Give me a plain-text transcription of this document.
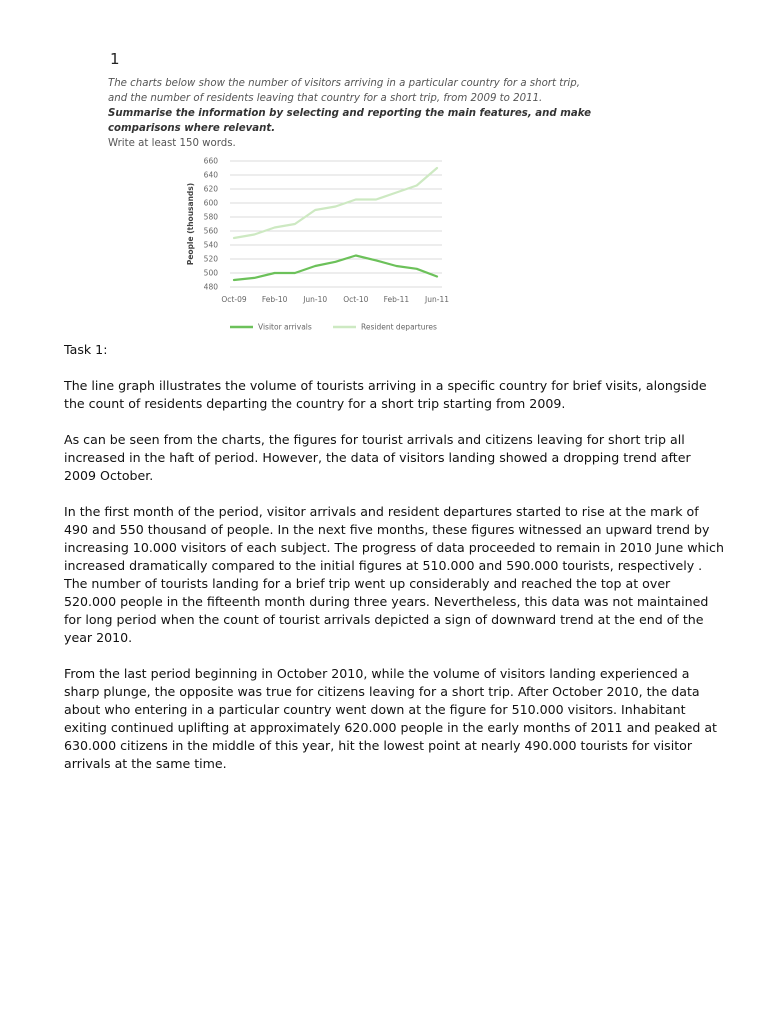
1

The charts below show the number of visitors arriving in a particular country for a short trip,

and the number of residents leaving that country for a short trip, from 2009 to 2011.

Summarise the information by selecting and reporting the main features, and make

comparisons where relevant.

Write at least 150 words.

660
640
620
600
580
560
540
520
500
480
People (thousands)
Oct-09 Feb-10 Jun-10 Oct-10 Feb-11 Jun-11
Visitor arrivals	Resident departures

Task 1:

The line graph illustrates the volume of tourists arriving in a specific country for brief visits, alongside the count of residents departing the country for a short trip starting from 2009.

As can be seen from the charts, the figures for tourist arrivals and citizens leaving for short trip all increased in the haft of period. However, the data of visitors landing showed a dropping trend after 2009 October.

In the first month of the period, visitor arrivals and resident departures started to rise at the mark of 490 and 550 thousand of people. In the next five months, these figures witnessed an upward trend by increasing 10.000 visitors of each subject. The progress of data proceeded to remain in 2010 June which increased dramatically compared to the initial figures at 510.000 and 590.000 tourists, respectively . The number of tourists landing for a brief trip went up considerably and reached the top at over 520.000 people in the fifteenth month during three years. Nevertheless, this data was not maintained for long period when the count of tourist arrivals depicted a sign of downward trend at the end of the year 2010.

From the last period beginning in October 2010, while the volume of visitors landing experienced a sharp plunge, the opposite was true for citizens leaving for a short trip. After October 2010, the data about who entering in a particular country went down at the figure for 510.000 visitors. Inhabitant exiting continued uplifting at approximately 620.000 people in the early months of 2011 and peaked at 630.000 citizens in the middle of this year, hit the lowest point at nearly 490.000 tourists for visitor arrivals at the same time.
